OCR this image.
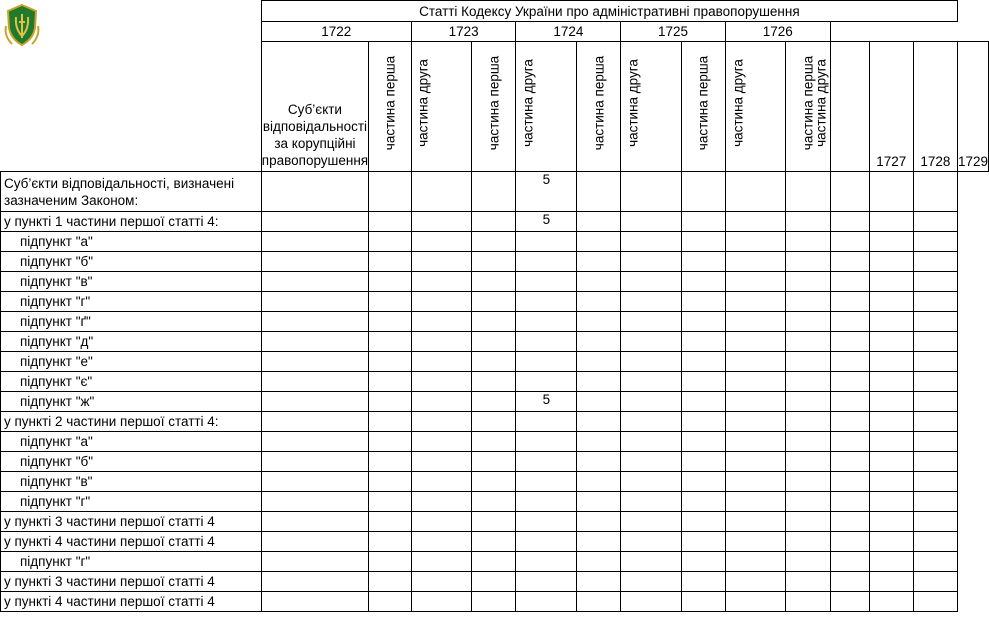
	Статті Кодексу України про адміністративні правопорушення													
	1722		1723		1724		1725		1726					
	Суб’єкти відповідальності за корупційні правопорушення	частина перша	частина друга	частина перша	частина друга	частина перша	частина друга	частина перша	частина друга	частина перша	частина друга	1727	1728	1729
Суб’єкти відповідальності, визначені зазначеним Законом:					5									
у пункті 1 частини першої статті 4:					5									
підпункт "а"														
підпункт "б"														
підпункт "в"														
підпункт "г"														
підпункт "ґ"														
підпункт "д"														
підпункт "е"														
підпункт "є"														
підпункт "ж"					5									
у пункті 2 частини першої статті 4:														
підпункт "а"														
підпункт "б"														
підпункт "в"														
підпункт "г"														
у пункті 3 частини першої статті 4														
у пункті 4 частини першої статті 4														
підпункт "г"														
у пункті 3 частини першої статті 4														
у пункті 4 частини першої статті 4														
